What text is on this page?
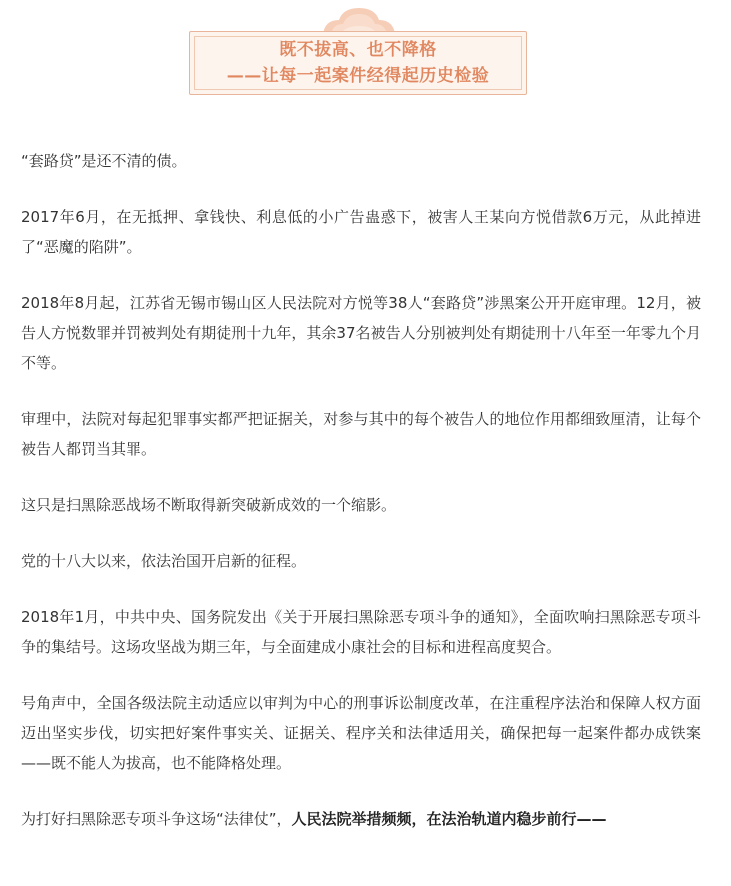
既不拔高、也不降格
——让每一起案件经得起历史检验

“套路贷”是还不清的债。

2017年6月，在无抵押、拿钱快、利息低的小广告蛊惑下，被害人王某向方悦借款6万元，从此掉进了“恶魔的陷阱”。

2018年8月起，江苏省无锡市锡山区人民法院对方悦等38人“套路贷”涉黑案公开开庭审理。12月，被告人方悦数罪并罚被判处有期徒刑十九年，其余37名被告人分别被判处有期徒刑十八年至一年零九个月不等。

审理中，法院对每起犯罪事实都严把证据关，对参与其中的每个被告人的地位作用都细致厘清，让每个被告人都罚当其罪。

这只是扫黑除恶战场不断取得新突破新成效的一个缩影。

党的十八大以来，依法治国开启新的征程。

2018年1月，中共中央、国务院发出《关于开展扫黑除恶专项斗争的通知》，全面吹响扫黑除恶专项斗争的集结号。这场攻坚战为期三年，与全面建成小康社会的目标和进程高度契合。

号角声中，全国各级法院主动适应以审判为中心的刑事诉讼制度改革，在注重程序法治和保障人权方面迈出坚实步伐，切实把好案件事实关、证据关、程序关和法律适用关，确保把每一起案件都办成铁案——既不能人为拔高，也不能降格处理。

为打好扫黑除恶专项斗争这场“法律仗”，人民法院举措频频，在法治轨道内稳步前行——
